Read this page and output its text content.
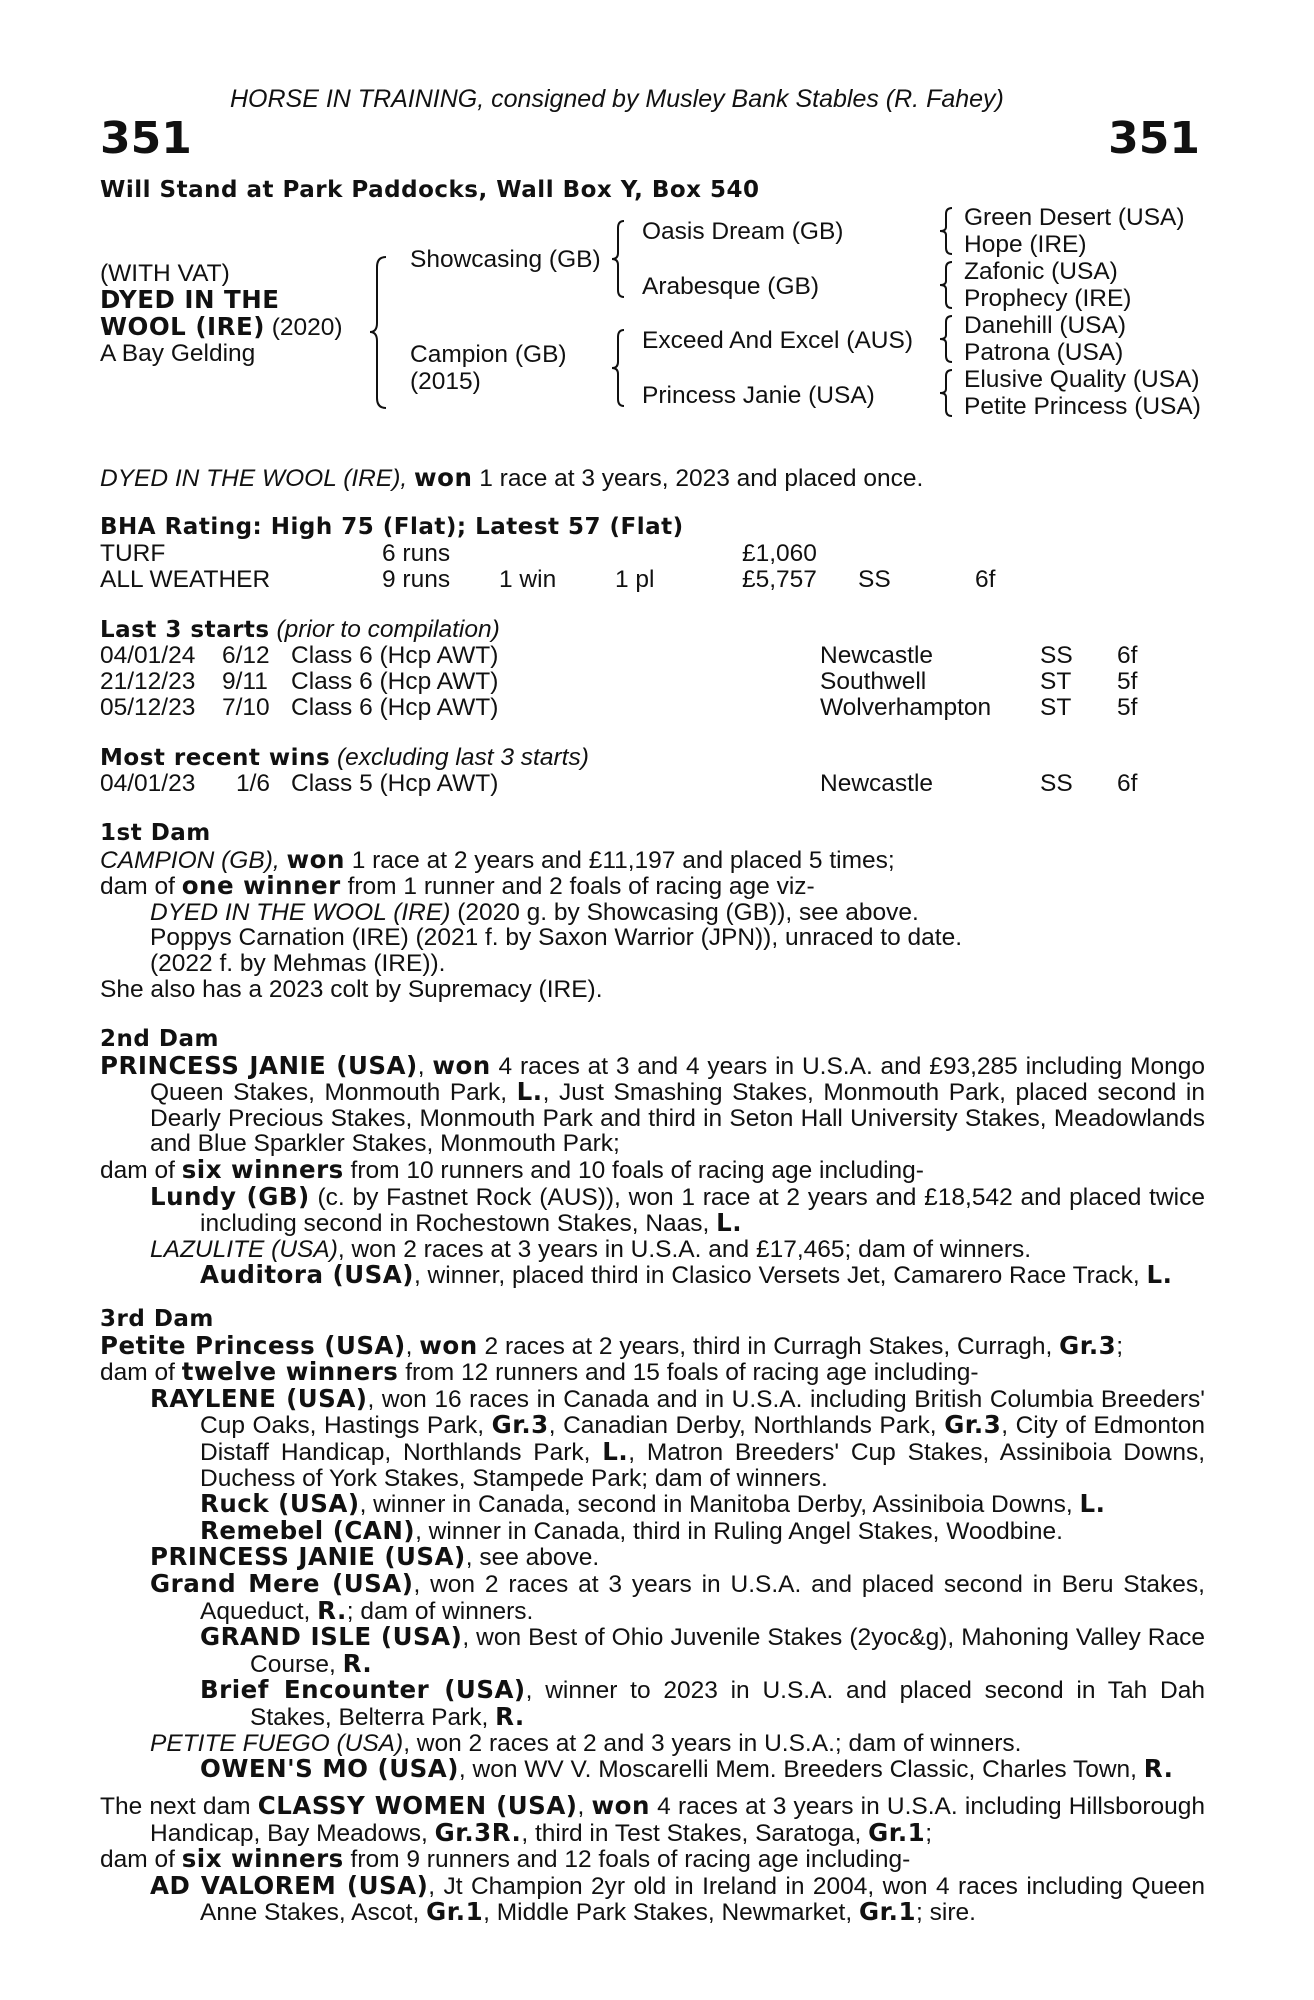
HORSE IN TRAINING, consigned by Musley Bank Stables (R. Fahey)
351	351
Will Stand at Park Paddocks, Wall Box Y, Box 540
(WITH VAT)
DYED IN THE
WOOL (IRE) (2020)
A Bay Gelding
Showcasing (GB)
Campion (GB)
(2015)
Oasis Dream (GB)
Arabesque (GB)
Exceed And Excel (AUS)
Princess Janie (USA)
Green Desert (USA)
Hope (IRE)
Zafonic (USA)
Prophecy (IRE)
Danehill (USA)
Patrona (USA)
Elusive Quality (USA)
Petite Princess (USA)
DYED IN THE WOOL (IRE), won 1 race at 3 years, 2023 and placed once.
BHA Rating: High 75 (Flat); Latest 57 (Flat)
TURF	6 runs	£1,060
ALL WEATHER	9 runs 1 win 1 pl	£5,757 SS	6f
Last 3 starts (prior to compilation)
04/01/24 6/12 Class 6 (Hcp AWT)	Newcastle	SS 6f
21/12/23 9/11 Class 6 (Hcp AWT)	Southwell	ST 5f
05/12/23 7/10 Class 6 (Hcp AWT)	Wolverhampton ST 5f
Most recent wins (excluding last 3 starts)
04/01/23 1/6 Class 5 (Hcp AWT)	Newcastle	SS 6f

1st Dam

CAMPION (GB), won 1 race at 2 years and £11,197 and placed 5 times;

dam of one winner from 1 runner and 2 foals of racing age viz-

DYED IN THE WOOL (IRE) (2020 g. by Showcasing (GB)), see above.

Poppys Carnation (IRE) (2021 f. by Saxon Warrior (JPN)), unraced to date.

(2022 f. by Mehmas (IRE)).

She also has a 2023 colt by Supremacy (IRE).

2nd Dam

PRINCESS JANIE (USA), won 4 races at 3 and 4 years in U.S.A. and £93,285 including Mongo Queen Stakes, Monmouth Park, L., Just Smashing Stakes, Monmouth Park, placed second in Dearly Precious Stakes, Monmouth Park and third in Seton Hall University Stakes, Meadowlands and Blue Sparkler Stakes, Monmouth Park;

dam of six winners from 10 runners and 10 foals of racing age including-

Lundy (GB) (c. by Fastnet Rock (AUS)), won 1 race at 2 years and £18,542 and placed twice including second in Rochestown Stakes, Naas, L.

LAZULITE (USA), won 2 races at 3 years in U.S.A. and £17,465; dam of winners.

Auditora (USA), winner, placed third in Clasico Versets Jet, Camarero Race Track, L.

3rd Dam

Petite Princess (USA), won 2 races at 2 years, third in Curragh Stakes, Curragh, Gr.3;

dam of twelve winners from 12 runners and 15 foals of racing age including-

RAYLENE (USA), won 16 races in Canada and in U.S.A. including British Columbia Breeders' Cup Oaks, Hastings Park, Gr.3, Canadian Derby, Northlands Park, Gr.3, City of Edmonton Distaff Handicap, Northlands Park, L., Matron Breeders' Cup Stakes, Assiniboia Downs, Duchess of York Stakes, Stampede Park; dam of winners.

Ruck (USA), winner in Canada, second in Manitoba Derby, Assiniboia Downs, L.

Remebel (CAN), winner in Canada, third in Ruling Angel Stakes, Woodbine.

PRINCESS JANIE (USA), see above.

Grand Mere (USA), won 2 races at 3 years in U.S.A. and placed second in Beru Stakes, Aqueduct, R.; dam of winners.

GRAND ISLE (USA), won Best of Ohio Juvenile Stakes (2yoc&g), Mahoning Valley Race Course, R.

Brief Encounter (USA), winner to 2023 in U.S.A. and placed second in Tah Dah Stakes, Belterra Park, R.

PETITE FUEGO (USA), won 2 races at 2 and 3 years in U.S.A.; dam of winners.

OWEN'S MO (USA), won WV V. Moscarelli Mem. Breeders Classic, Charles Town, R.

The next dam CLASSY WOMEN (USA), won 4 races at 3 years in U.S.A. including Hillsborough Handicap, Bay Meadows, Gr.3R., third in Test Stakes, Saratoga, Gr.1;

dam of six winners from 9 runners and 12 foals of racing age including-

AD VALOREM (USA), Jt Champion 2yr old in Ireland in 2004, won 4 races including Queen Anne Stakes, Ascot, Gr.1, Middle Park Stakes, Newmarket, Gr.1; sire.
